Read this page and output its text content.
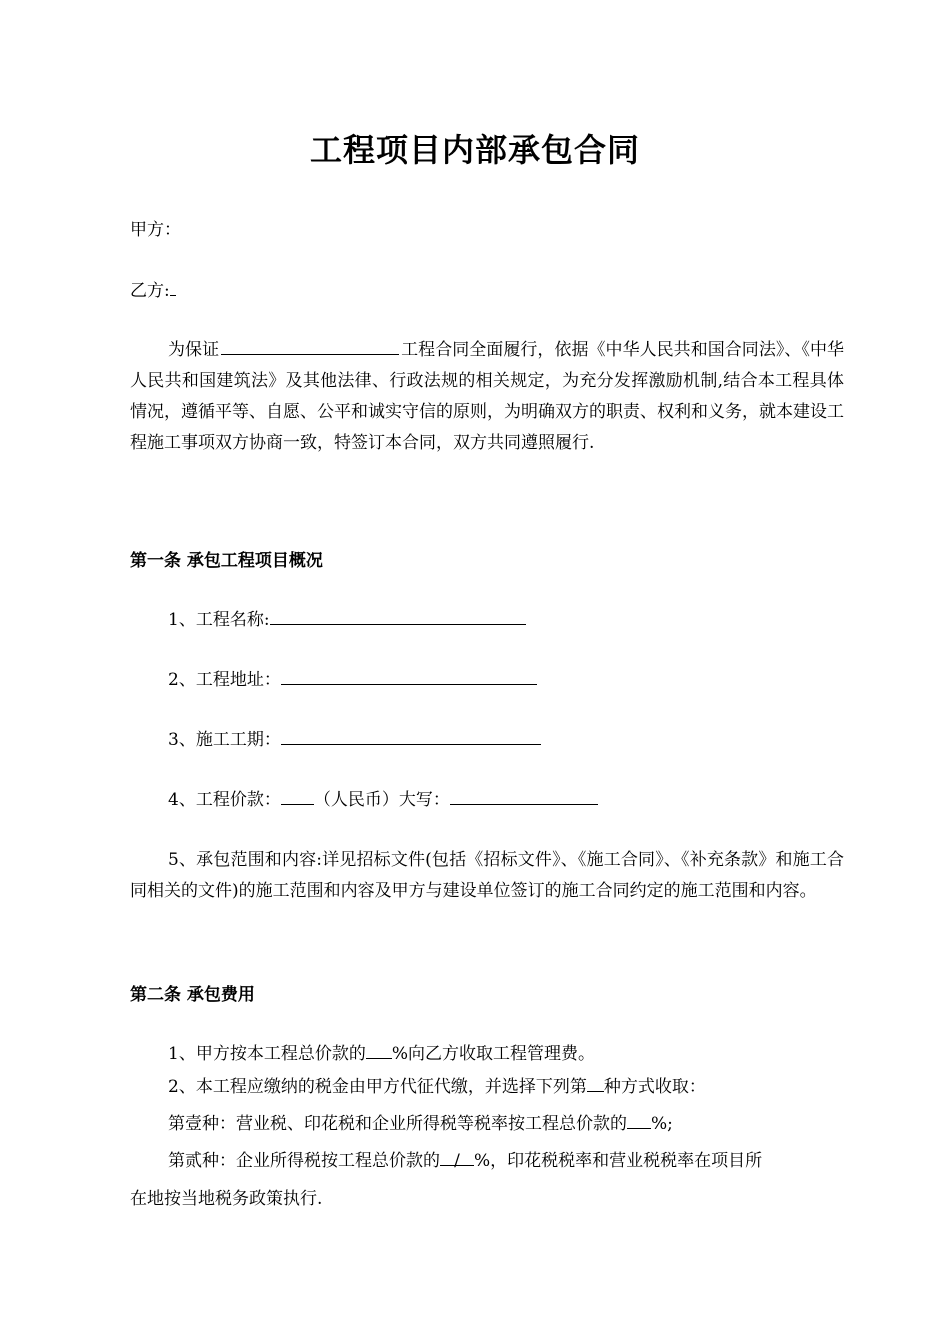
工程项目内部承包合同
甲方：
乙方:
为保证	工程合同全面履行，依据《中华人民共和国合同法》、《中华人民共和国建筑法》及其他法律、行政法规的相关规定，为充分发挥激励机制,结合本工程具体情况，遵循平等、自愿、公平和诚实守信的原则，为明确双方的职责、权利和义务，就本建设工程施工事项双方协商一致，特签订本合同，双方共同遵照履行.
第一条 承包工程项目概况
1、工程名称:
2、工程地址：
3、施工工期：
4、工程价款： （人民币）大写：
5、承包范围和内容:详见招标文件(包括《招标文件》、《施工合同》、《补充条款》和施工合同相关的文件)的施工范围和内容及甲方与建设单位签订的施工合同约定的施工范围和内容。
第二条 承包费用
1、甲方按本工程总价款的 %向乙方收取工程管理费。
2、本工程应缴纳的税金由甲方代征代缴，并选择下列第 种方式收取：
第壹种：营业税、印花税和企业所得税等税率按工程总价款的 %;
第贰种：企业所得税按工程总价款的 / %，印花税税率和营业税税率在项目所
在地按当地税务政策执行.
